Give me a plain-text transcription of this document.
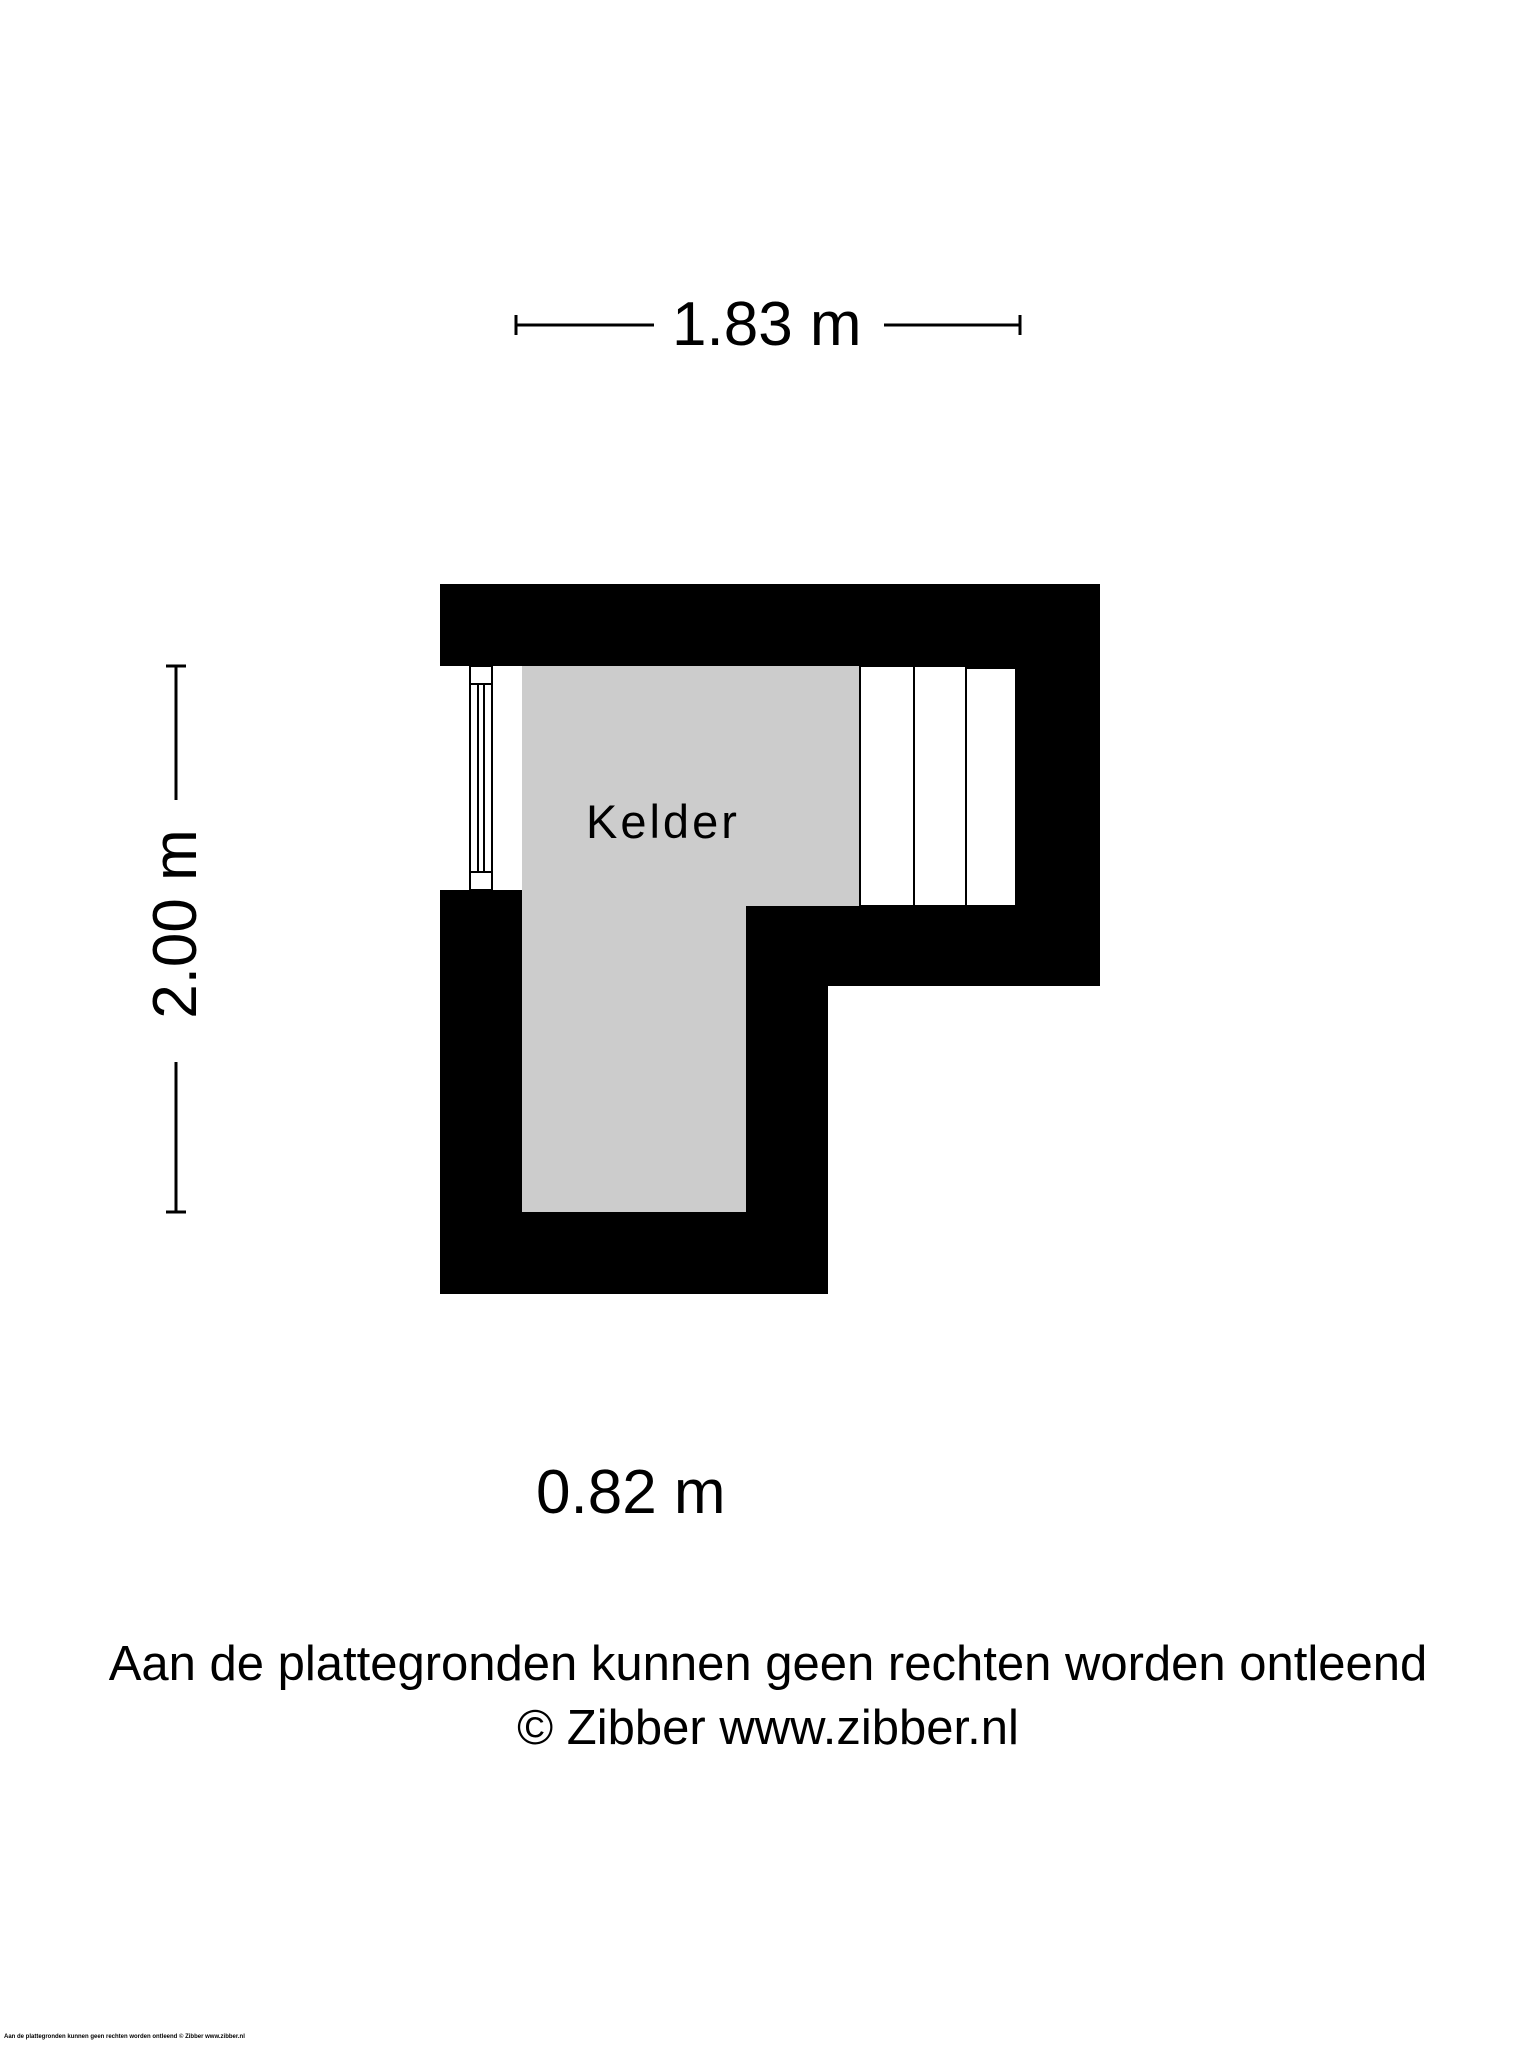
1.83 m
2.00 m
0.82 m
Kelder
Aan de plattegronden kunnen geen rechten worden ontleend
© Zibber www.zibber.nl
Aan de plattegronden kunnen geen rechten worden ontleend © Zibber www.zibber.nl
